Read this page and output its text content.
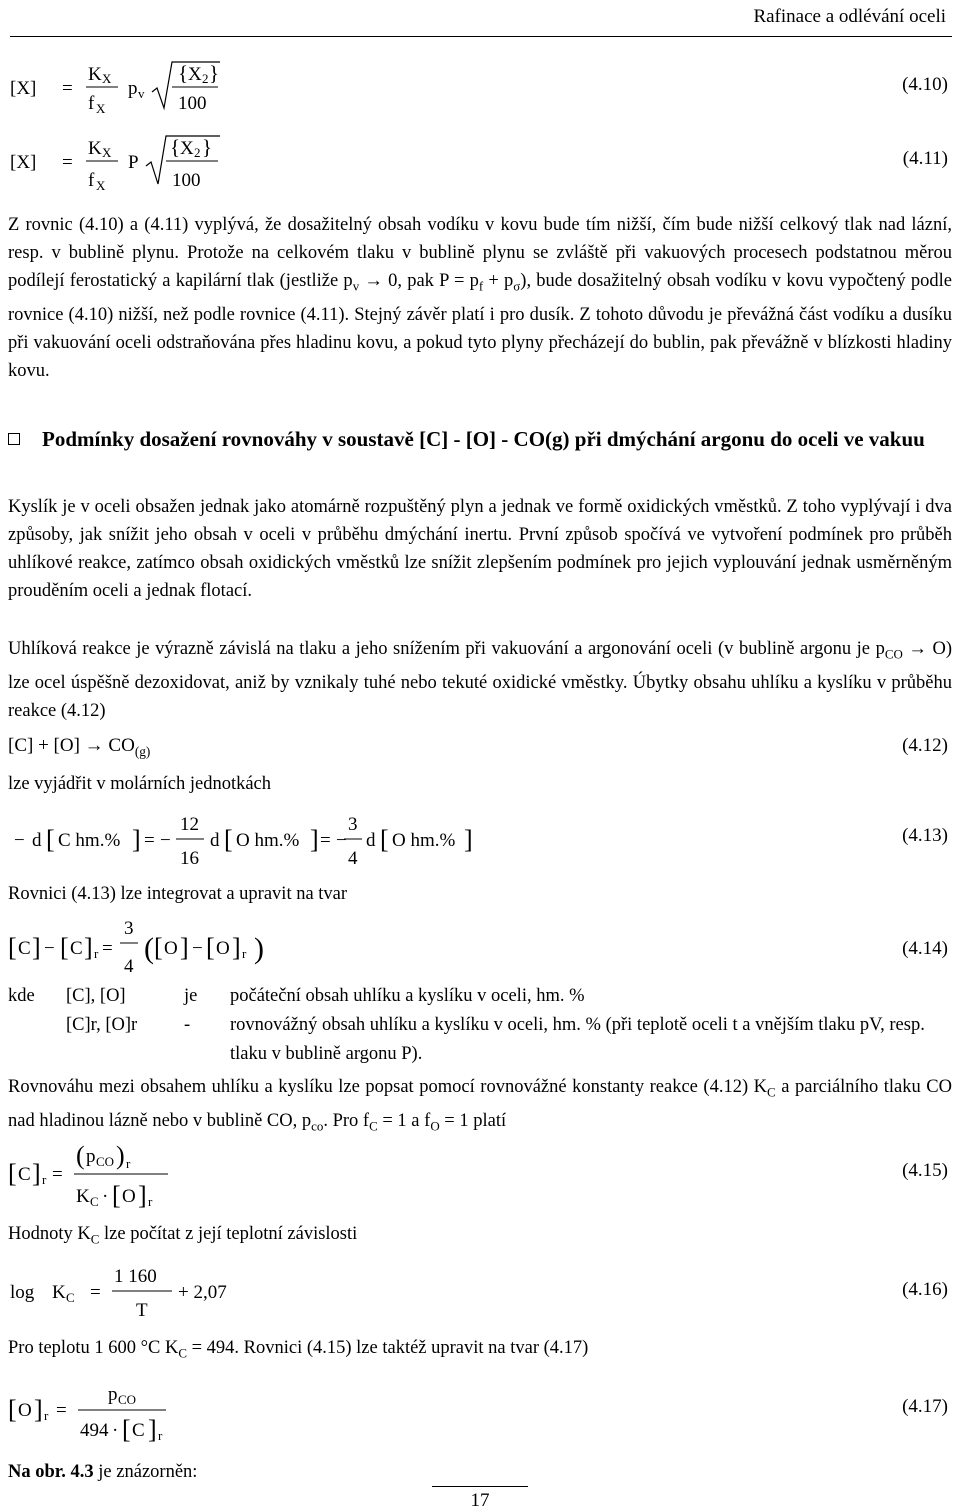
Rafinace a odlévání oceli
[X] =
K X
f X
p v
{ X 2 }
100
(4.10)
[X] =
K X
f X
P
{ X 2 }
100
(4.11)
Z rovnic (4.10) a (4.11) vyplývá, že dosažitelný obsah vodíku v kovu bude tím nižší, čím bude nižší celkový tlak nad lázní, resp. v bublině plynu. Protože na celkovém tlaku v bublině plynu se zvláště při vakuových procesech podstatnou měrou podílejí ferostatický a kapilární tlak (jestliže $p_v \to 0$, pak $P = p_f + p_\sigma$), bude dosažitelný obsah vodíku v kovu vypočtený podle rovnice (4.10) nižší, než podle rovnice (4.11). Stejný závěr platí i pro dusík. Z tohoto důvodu je převážná část vodíku a dusíku při vakuování oceli odstraňována přes hladinu kovu, a pokud tyto plyny přecházejí do bublin, pak převážně v blízkosti hladiny kovu.
Podmínky dosažení rovnováhy v soustavě [C] - [O] - CO(g) při dmýchání argonu do oceli ve vakuu
Kyslík je v oceli obsažen jednak jako atomárně rozpuštěný plyn a jednak ve formě oxidických vměstků. Z toho vyplývají i dva způsoby, jak snížit jeho obsah v oceli v průběhu dmýchání inertu. První způsob spočívá ve vytvoření podmínek pro průběh uhlíkové reakce, zatímco obsah oxidických vměstků lze snížit zlepšením podmínek pro jejich vyplouvání jednak usměrněným prouděním oceli a jednak flotací.
Uhlíková reakce je výrazně závislá na tlaku a jeho snížením při vakuování a argonování oceli (v bublině argonu je $p_{CO} \to O$) lze ocel úspěšně dezoxidovat, aniž by vznikaly tuhé nebo tekuté oxidické vměstky. Úbytky obsahu uhlíku a kyslíku v průběhu reakce (4.12)
$[C] + [O] \to CO_{(g)}$	(4.12)
lze vyjádřit v molárních jednotkách
− d [ C hm.% ] = −
12
16
d [ O hm.% ] = −
3
4
d [ O hm.% ]	(4.13)
Rovnici (4.13) lze integrovat a upravit na tvar
[ C ] − [ C ] r =
3
4
( [ O ] − [ O ] r )	(4.14)
kde	[C], [O]	je	počáteční obsah uhlíku a kyslíku v oceli, hm. %
	[C]r, [O]r	-	rovnovážný obsah uhlíku a kyslíku v oceli, hm. % (při teplotě oceli t a vnějším tlaku pV, resp. tlaku v bublině argonu P).
Rovnováhu mezi obsahem uhlíku a kyslíku lze popsat pomocí rovnovážné konstanty reakce (4.12) $K_C$ a parciálního tlaku CO nad hladinou lázně nebo v bublině CO, $p_{co}$. Pro $f_C = 1$ a $f_O = 1$ platí
[ C ] r =
( p CO ) r
K C · [ O ] r
(4.15)
Hodnoty $K_C$ lze počítat z její teplotní závislosti
log K C =
1 160
T
+ 2,07	(4.16)
Pro teplotu 1 600 °C $K_C = 494$. Rovnici (4.15) lze taktéž upravit na tvar (4.17)
[ O ] r =
p CO
494 · [ C ] r
(4.17)
Na obr. 4.3 je znázorněn:
17
